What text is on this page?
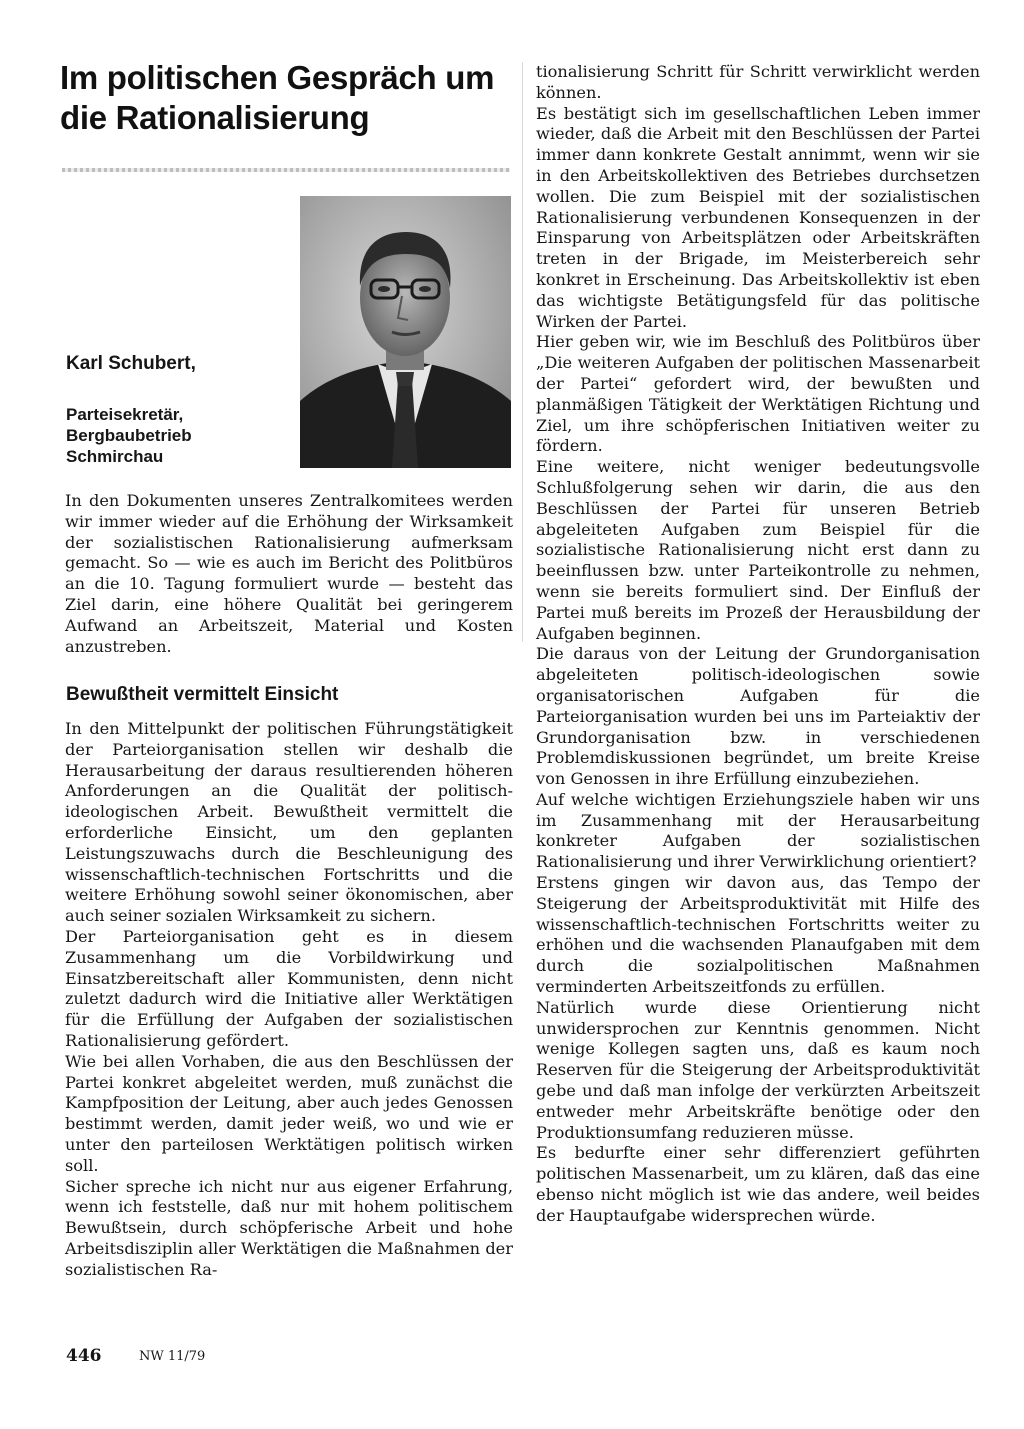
Im politischen Gespräch um die Rationalisierung
Karl Schubert,
Parteisekretär,
Bergbaubetrieb
Schmirchau

In den Dokumenten unseres Zentralkomitees werden wir immer wieder auf die Erhöhung der Wirksamkeit der sozialistischen Rationalisierung aufmerksam gemacht. So — wie es auch im Bericht des Politbüros an die 10. Tagung formuliert wurde — besteht das Ziel darin, eine höhere Qualität bei geringerem Aufwand an Arbeitszeit, Material und Kosten anzustreben.

Bewußtheit vermittelt Einsicht

In den Mittelpunkt der politischen Führungstätigkeit der Parteiorganisation stellen wir deshalb die Herausarbeitung der daraus resultierenden höheren Anforderungen an die Qualität der politisch-ideologischen Arbeit. Bewußtheit vermittelt die erforderliche Einsicht, um den geplanten Leistungszuwachs durch die Beschleunigung des wissenschaftlich-technischen Fortschritts und die weitere Erhöhung sowohl seiner ökonomischen, aber auch seiner sozialen Wirksamkeit zu sichern.

Der Parteiorganisation geht es in diesem Zusammenhang um die Vorbildwirkung und Einsatzbereitschaft aller Kommunisten, denn nicht zuletzt dadurch wird die Initiative aller Werktätigen für die Erfüllung der Aufgaben der sozialistischen Rationalisierung gefördert.

Wie bei allen Vorhaben, die aus den Beschlüssen der Partei konkret abgeleitet werden, muß zunächst die Kampfposition der Leitung, aber auch jedes Genossen bestimmt werden, damit jeder weiß, wo und wie er unter den parteilosen Werktätigen politisch wirken soll.

Sicher spreche ich nicht nur aus eigener Erfahrung, wenn ich feststelle, daß nur mit hohem politischem Bewußtsein, durch schöpferische Arbeit und hohe Arbeitsdisziplin aller Werktätigen die Maßnahmen der sozialistischen Ra-

tionalisierung Schritt für Schritt verwirklicht werden können.

Es bestätigt sich im gesellschaftlichen Leben immer wieder, daß die Arbeit mit den Beschlüssen der Partei immer dann konkrete Gestalt annimmt, wenn wir sie in den Arbeitskollektiven des Betriebes durchsetzen wollen. Die zum Beispiel mit der sozialistischen Rationalisierung verbundenen Konsequenzen in der Einsparung von Arbeitsplätzen oder Arbeitskräften treten in der Brigade, im Meisterbereich sehr konkret in Erscheinung. Das Arbeitskollektiv ist eben das wichtigste Betätigungsfeld für das politische Wirken der Partei.

Hier geben wir, wie im Beschluß des Politbüros über „Die weiteren Aufgaben der politischen Massenarbeit der Partei“ gefordert wird, der bewußten und planmäßigen Tätigkeit der Werktätigen Richtung und Ziel, um ihre schöpferischen Initiativen weiter zu fördern.

Eine weitere, nicht weniger bedeutungsvolle Schlußfolgerung sehen wir darin, die aus den Beschlüssen der Partei für unseren Betrieb abgeleiteten Aufgaben zum Beispiel für die sozialistische Rationalisierung nicht erst dann zu beeinflussen bzw. unter Parteikontrolle zu nehmen, wenn sie bereits formuliert sind. Der Einfluß der Partei muß bereits im Prozeß der Herausbildung der Aufgaben beginnen.

Die daraus von der Leitung der Grundorganisation abgeleiteten politisch-ideologischen sowie organisatorischen Aufgaben für die Parteiorganisation wurden bei uns im Parteiaktiv der Grundorganisation bzw. in verschiedenen Problemdiskussionen begründet, um breite Kreise von Genossen in ihre Erfüllung einzubeziehen.

Auf welche wichtigen Erziehungsziele haben wir uns im Zusammenhang mit der Herausarbeitung konkreter Aufgaben der sozialistischen Rationalisierung und ihrer Verwirklichung orientiert?

Erstens gingen wir davon aus, das Tempo der Steigerung der Arbeitsproduktivität mit Hilfe des wissenschaftlich-technischen Fortschritts weiter zu erhöhen und die wachsenden Planaufgaben mit dem durch die sozialpolitischen Maßnahmen verminderten Arbeitszeitfonds zu erfüllen.

Natürlich wurde diese Orientierung nicht unwidersprochen zur Kenntnis genommen. Nicht wenige Kollegen sagten uns, daß es kaum noch Reserven für die Steigerung der Arbeitsproduktivität gebe und daß man infolge der verkürzten Arbeitszeit entweder mehr Arbeitskräfte benötige oder den Produktionsumfang reduzieren müsse.

Es bedurfte einer sehr differenziert geführten politischen Massenarbeit, um zu klären, daß das eine ebenso nicht möglich ist wie das andere, weil beides der Hauptaufgabe widersprechen würde.

446	NW 11/79
